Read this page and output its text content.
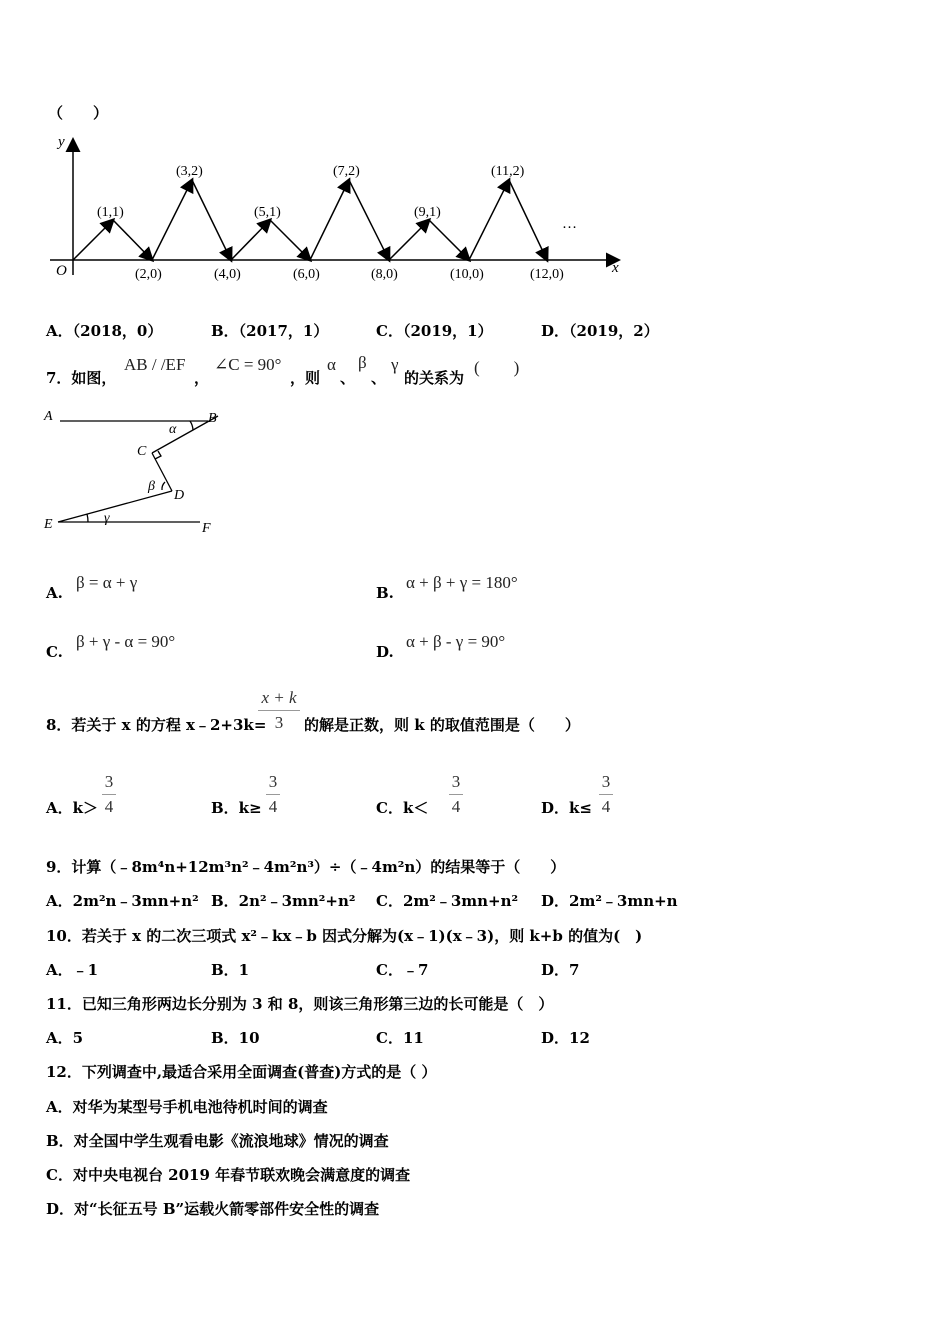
（　　）
x
y
O
…
(1,1)
(3,2)
(5,1)
(7,2)
(9,1)
(11,2)
(2,0)	(4,0)	(6,0)	(8,0)	(10,0)	(12,0)
A．（2018，0）	B．（2017，1）	C．（2019，1）	D．（2019，2）
7．如图，
AB / /EF
，
∠C = 90°
，则
α
、
β
、
γ
的关系为
(　　)
A	B
C
D
E	F
α
β
γ
A.
β = α + γ
B.
α + β + γ = 180°
C.
β + γ - α = 90°
D.
α + β - γ = 90°
8．若关于 x 的方程 x﹣2+3k=
x + k
3	的解是正数，则 k 的取值范围是（　　）
A．k＞
3
4	B．k≥
3
4	C．k＜
3
4	D．k≤
3
4
9．计算（﹣8m⁴n+12m³n²﹣4m²n³）÷（﹣4m²n）的结果等于（　　）
A．2m²n﹣3mn+n² B．2n²﹣3mn²+n² C．2m²﹣3mn+n² D．2m²﹣3mn+n
10．若关于 x 的二次三项式 x²﹣kx﹣b 因式分解为(x﹣1)(x﹣3)，则 k+b 的值为(　)
A．﹣1	B．1	C．﹣7	D．7
11．已知三角形两边长分别为 3 和 8，则该三角形第三边的长可能是（　）
A．5	B．10	C．11	D．12
12．下列调查中,最适合采用全面调查(普查)方式的是（ ）
A．对华为某型号手机电池待机时间的调查
B．对全国中学生观看电影《流浪地球》情况的调查
C．对中央电视台 2019 年春节联欢晚会满意度的调查
D．对“长征五号 B”运载火箭零部件安全性的调查
